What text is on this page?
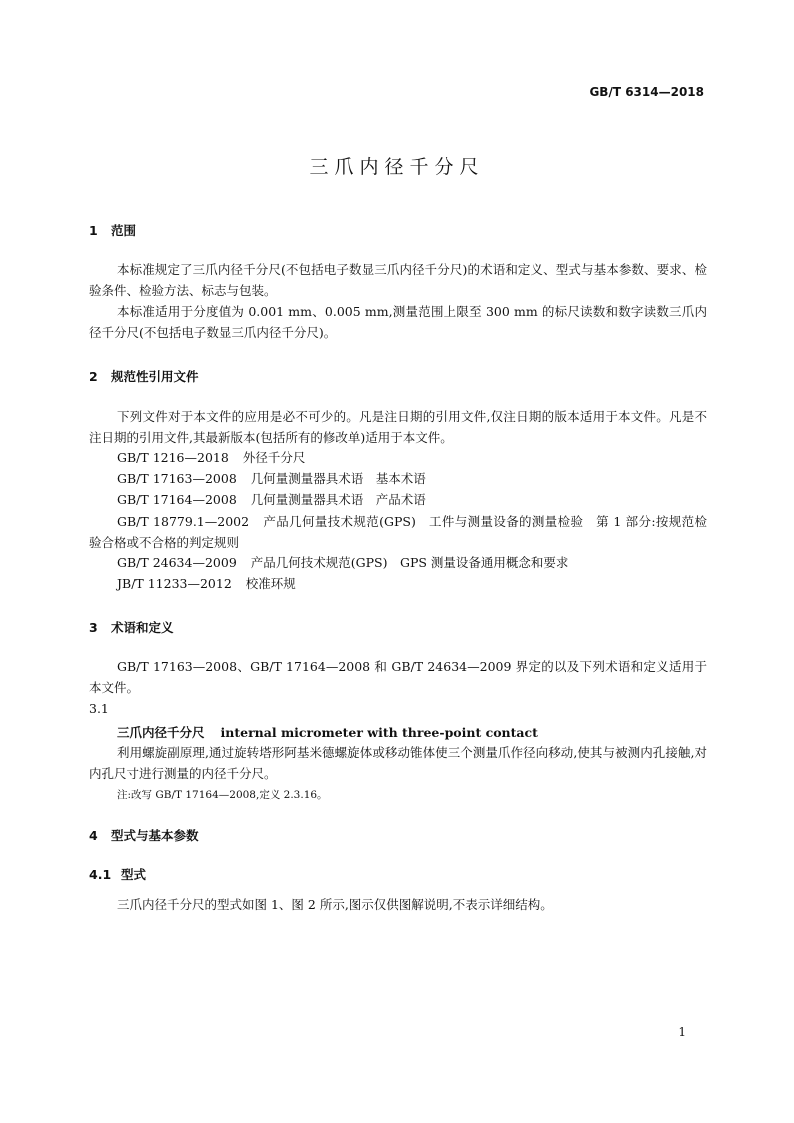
GB/T 6314—2018
三爪内径千分尺
1 范围
本标准规定了三爪内径千分尺(不包括电子数显三爪内径千分尺)的术语和定义、型式与基本参数、要求、检验条件、检验方法、标志与包装。
本标准适用于分度值为 0.001 mm、0.005 mm,测量范围上限至 300 mm 的标尺读数和数字读数三爪内径千分尺(不包括电子数显三爪内径千分尺)。
2 规范性引用文件
下列文件对于本文件的应用是必不可少的。凡是注日期的引用文件,仅注日期的版本适用于本文件。凡是不注日期的引用文件,其最新版本(包括所有的修改单)适用于本文件。
GB/T 1216—2018 外径千分尺
GB/T 17163—2008 几何量测量器具术语　基本术语
GB/T 17164—2008 几何量测量器具术语　产品术语
GB/T 18779.1—2002 产品几何量技术规范(GPS)　工件与测量设备的测量检验　第 1 部分:按规范检验合格或不合格的判定规则
GB/T 24634—2009 产品几何技术规范(GPS)　GPS 测量设备通用概念和要求
JB/T 11233—2012 校准环规
3 术语和定义
GB/T 17163—2008、GB/T 17164—2008 和 GB/T 24634—2009 界定的以及下列术语和定义适用于本文件。
3.1
三爪内径千分尺 internal micrometer with three-point contact
利用螺旋副原理,通过旋转塔形阿基米德螺旋体或移动锥体使三个测量爪作径向移动,使其与被测内孔接触,对内孔尺寸进行测量的内径千分尺。
注:改写 GB/T 17164—2008,定义 2.3.16。
4 型式与基本参数
4.1 型式
三爪内径千分尺的型式如图 1、图 2 所示,图示仅供图解说明,不表示详细结构。
1
